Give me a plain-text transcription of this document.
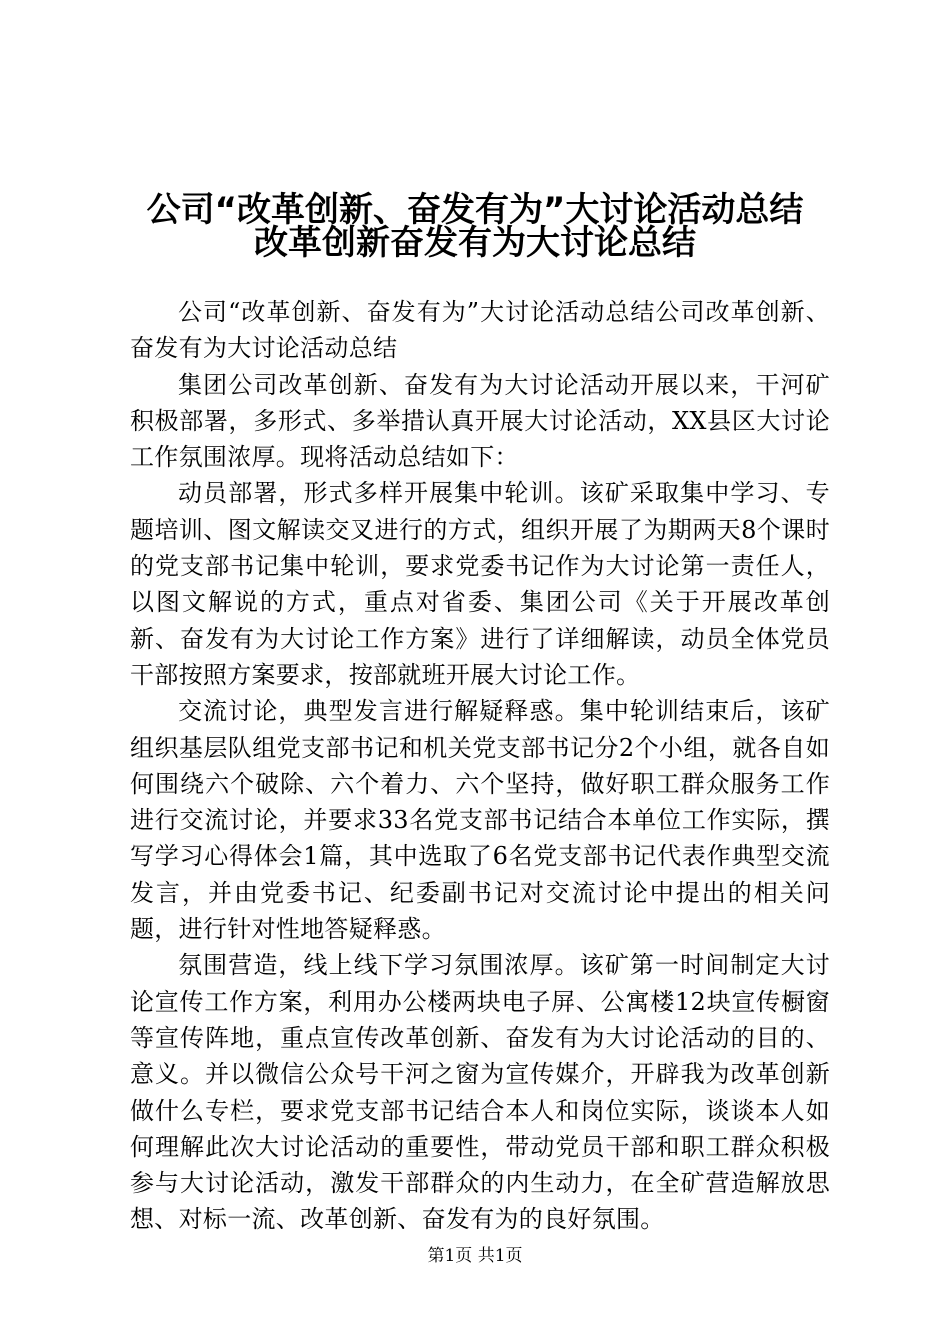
公司“改革创新、奋发有为”大讨论活动总结
改革创新奋发有为大讨论总结

公司“改革创新、奋发有为”大讨论活动总结公司改革创新、奋发有为大讨论活动总结

集团公司改革创新、奋发有为大讨论活动开展以来，干河矿积极部署，多形式、多举措认真开展大讨论活动，XX县区大讨论工作氛围浓厚。现将活动总结如下：

动员部署，形式多样开展集中轮训。该矿采取集中学习、专题培训、图文解读交叉进行的方式，组织开展了为期两天8个课时的党支部书记集中轮训，要求党委书记作为大讨论第一责任人，以图文解说的方式，重点对省委、集团公司《关于开展改革创新、奋发有为大讨论工作方案》进行了详细解读，动员全体党员干部按照方案要求，按部就班开展大讨论工作。

交流讨论，典型发言进行解疑释惑。集中轮训结束后，该矿组织基层队组党支部书记和机关党支部书记分2个小组，就各自如何围绕六个破除、六个着力、六个坚持，做好职工群众服务工作进行交流讨论，并要求33名党支部书记结合本单位工作实际，撰写学习心得体会1篇，其中选取了6名党支部书记代表作典型交流发言，并由党委书记、纪委副书记对交流讨论中提出的相关问题，进行针对性地答疑释惑。

氛围营造，线上线下学习氛围浓厚。该矿第一时间制定大讨论宣传工作方案，利用办公楼两块电子屏、公寓楼12块宣传橱窗等宣传阵地，重点宣传改革创新、奋发有为大讨论活动的目的、意义。并以微信公众号干河之窗为宣传媒介，开辟我为改革创新做什么专栏，要求党支部书记结合本人和岗位实际，谈谈本人如何理解此次大讨论活动的重要性，带动党员干部和职工群众积极参与大讨论活动，激发干部群众的内生动力，在全矿营造解放思想、对标一流、改革创新、奋发有为的良好氛围。

第1页 共1页
